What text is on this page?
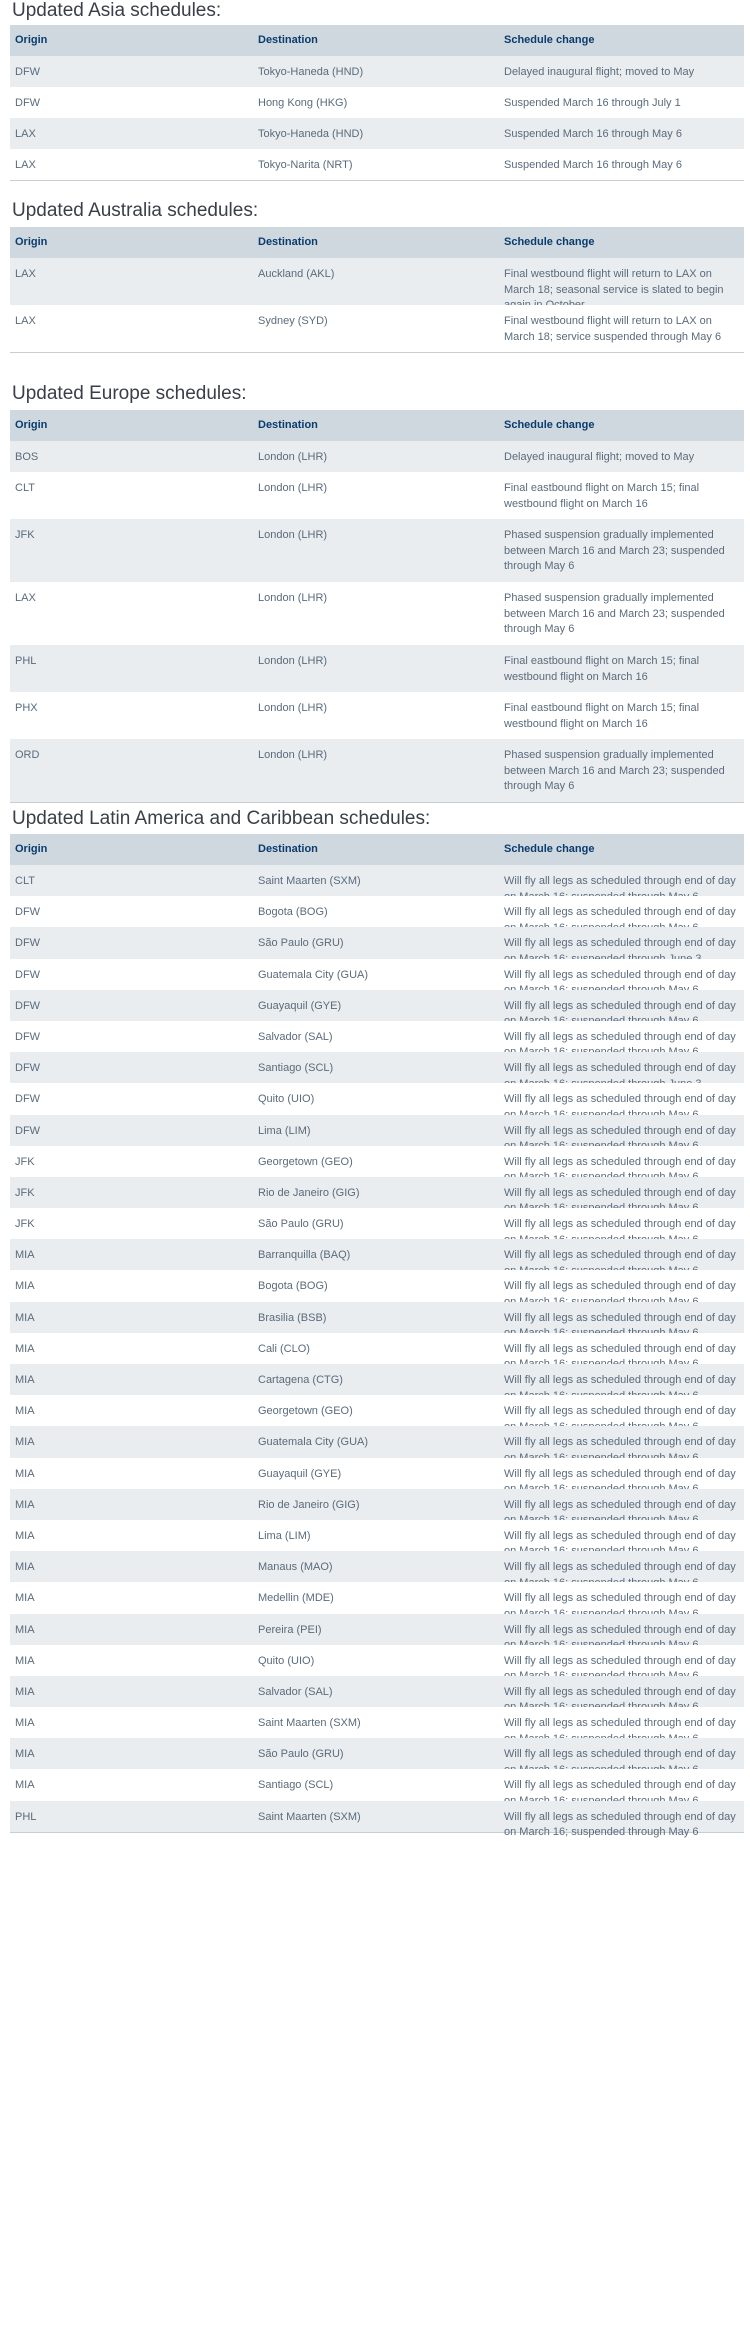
Updated Asia schedules:
Origin	Destination	Schedule change
DFW	Tokyo-Haneda (HND)	Delayed inaugural flight; moved to May
DFW	Hong Kong (HKG)	Suspended March 16 through July 1
LAX	Tokyo-Haneda (HND)	Suspended March 16 through May 6
LAX	Tokyo-Narita (NRT)	Suspended March 16 through May 6
Updated Australia schedules:
Origin	Destination	Schedule change
LAX	Auckland (AKL)	Final westbound flight will return to LAX on March 18; seasonal service is slated to begin
LAX	Sydney (SYD)	Final westbound flight will return to LAX on March 18; service suspended through May 6
Updated Europe schedules:
Origin	Destination	Schedule change
BOS	London (LHR)	Delayed inaugural flight; moved to May
CLT	London (LHR)	Final eastbound flight on March 15; final westbound flight on March 16
JFK	London (LHR)	Phased suspension gradually implemented between March 16 and March 23; suspended through May 6
LAX	London (LHR)	Phased suspension gradually implemented between March 16 and March 23; suspended through May 6
PHL	London (LHR)	Final eastbound flight on March 15; final westbound flight on March 16
PHX	London (LHR)	Final eastbound flight on March 15; final westbound flight on March 16
ORD	London (LHR)	Phased suspension gradually implemented between March 16 and March 23; suspended through May 6
Updated Latin America and Caribbean schedules:
Origin	Destination	Schedule change
CLT	Saint Maarten (SXM)	Will fly all legs as scheduled through end of day
DFW	Bogota (BOG)	Will fly all legs as scheduled through end of day
DFW	São Paulo (GRU)	Will fly all legs as scheduled through end of day
DFW	Guatemala City (GUA)	Will fly all legs as scheduled through end of day
DFW	Guayaquil (GYE)	Will fly all legs as scheduled through end of day
DFW	Salvador (SAL)	Will fly all legs as scheduled through end of day
DFW	Santiago (SCL)	Will fly all legs as scheduled through end of day
DFW	Quito (UIO)	Will fly all legs as scheduled through end of day
DFW	Lima (LIM)	Will fly all legs as scheduled through end of day
JFK	Georgetown (GEO)	Will fly all legs as scheduled through end of day
JFK	Rio de Janeiro (GIG)	Will fly all legs as scheduled through end of day
JFK	São Paulo (GRU)	Will fly all legs as scheduled through end of day
MIA	Barranquilla (BAQ)	Will fly all legs as scheduled through end of day
MIA	Bogota (BOG)	Will fly all legs as scheduled through end of day
MIA	Brasilia (BSB)	Will fly all legs as scheduled through end of day
MIA	Cali (CLO)	Will fly all legs as scheduled through end of day
MIA	Cartagena (CTG)	Will fly all legs as scheduled through end of day
MIA	Georgetown (GEO)	Will fly all legs as scheduled through end of day
MIA	Guatemala City (GUA)	Will fly all legs as scheduled through end of day
MIA	Guayaquil (GYE)	Will fly all legs as scheduled through end of day
MIA	Rio de Janeiro (GIG)	Will fly all legs as scheduled through end of day
MIA	Lima (LIM)	Will fly all legs as scheduled through end of day
MIA	Manaus (MAO)	Will fly all legs as scheduled through end of day
MIA	Medellin (MDE)	Will fly all legs as scheduled through end of day
MIA	Pereira (PEI)	Will fly all legs as scheduled through end of day
MIA	Quito (UIO)	Will fly all legs as scheduled through end of day
MIA	Salvador (SAL)	Will fly all legs as scheduled through end of day
MIA	Saint Maarten (SXM)	Will fly all legs as scheduled through end of day
MIA	São Paulo (GRU)	Will fly all legs as scheduled through end of day
MIA	Santiago (SCL)	Will fly all legs as scheduled through end of day
PHL	Saint Maarten (SXM)	Will fly all legs as scheduled through end of day on March 16; suspended through May 6
